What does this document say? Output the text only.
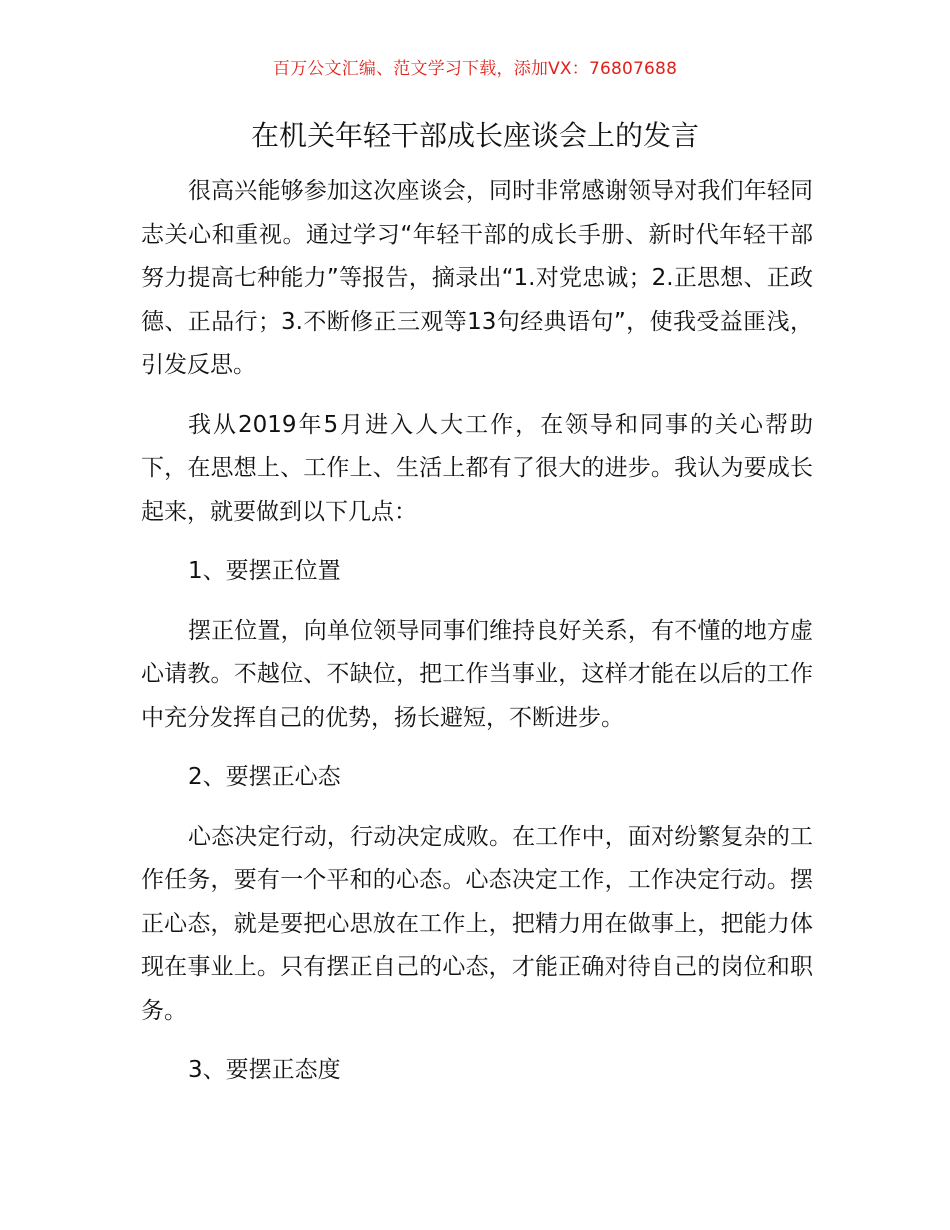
百万公文汇编、范文学习下载，添加VX：76807688
在机关年轻干部成长座谈会上的发言

很高兴能够参加这次座谈会，同时非常感谢领导对我们年轻同志关心和重视。通过学习“年轻干部的成长手册、新时代年轻干部努力提高七种能力”等报告，摘录出“1.对党忠诚；2.正思想、正政德、正品行；3.不断修正三观等13句经典语句”，使我受益匪浅，引发反思。

我从2019年5月进入人大工作，在领导和同事的关心帮助下，在思想上、工作上、生活上都有了很大的进步。我认为要成长起来，就要做到以下几点：

1、要摆正位置

摆正位置，向单位领导同事们维持良好关系，有不懂的地方虚心请教。不越位、不缺位，把工作当事业，这样才能在以后的工作中充分发挥自己的优势，扬长避短，不断进步。

2、要摆正心态

心态决定行动，行动决定成败。在工作中，面对纷繁复杂的工作任务，要有一个平和的心态。心态决定工作，工作决定行动。摆正心态，就是要把心思放在工作上，把精力用在做事上，把能力体现在事业上。只有摆正自己的心态，才能正确对待自己的岗位和职务。

3、要摆正态度
